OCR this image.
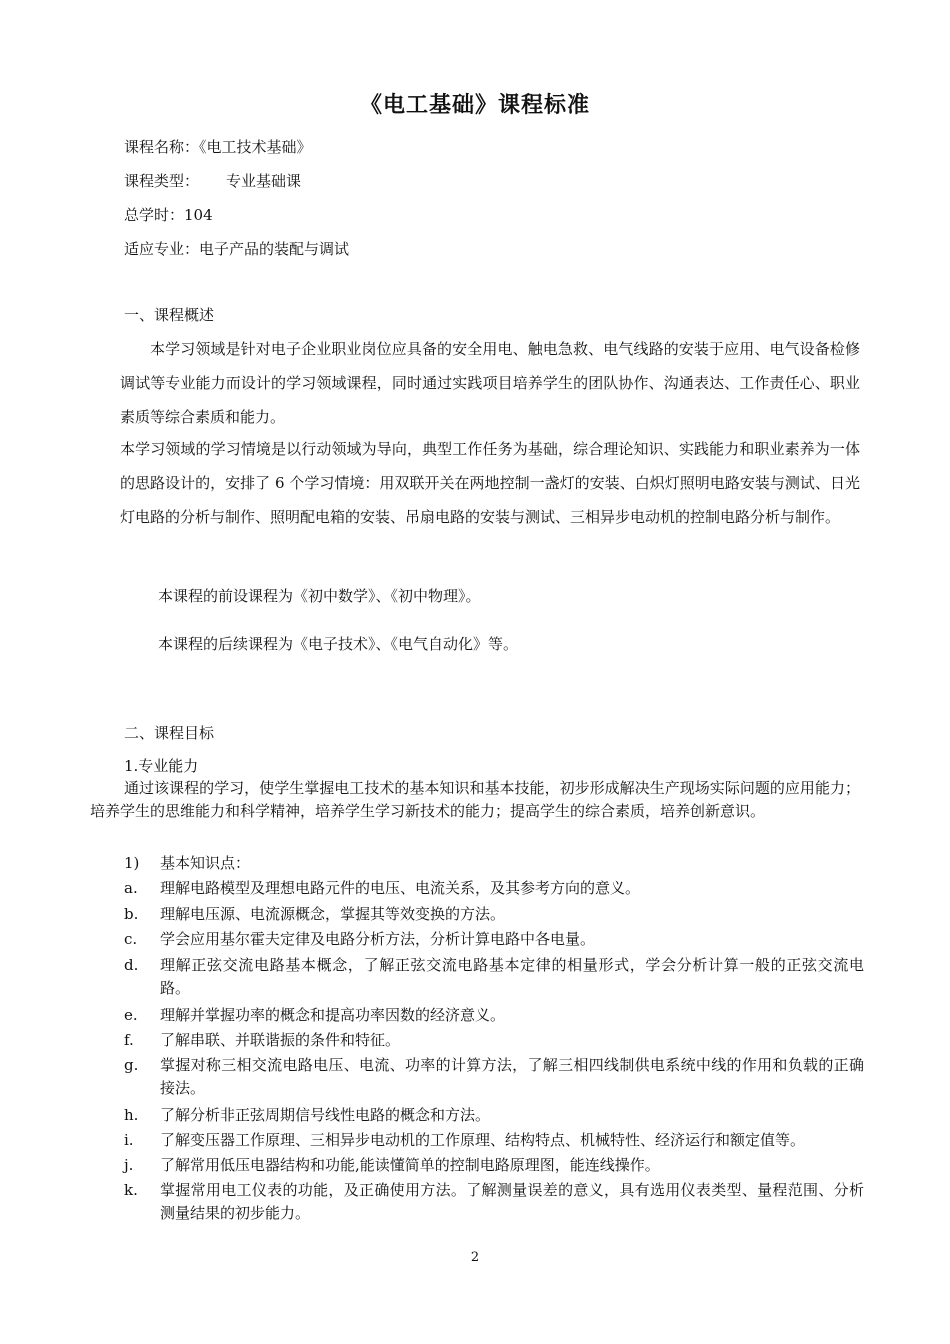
《电工基础》课程标准
课程名称：《电工技术基础》
课程类型： 专业基础课
总学时：104
适应专业：电子产品的装配与调试
一、课程概述
本学习领域是针对电子企业职业岗位应具备的安全用电、触电急救、电气线路的安装于应用、电气设备检修调试等专业能力而设计的学习领域课程，同时通过实践项目培养学生的团队协作、沟通表达、工作责任心、职业素质等综合素质和能力。
本学习领域的学习情境是以行动领域为导向，典型工作任务为基础，综合理论知识、实践能力和职业素养为一体的思路设计的，安排了 6 个学习情境：用双联开关在两地控制一盏灯的安装、白炽灯照明电路安装与测试、日光灯电路的分析与制作、照明配电箱的安装、吊扇电路的安装与测试、三相异步电动机的控制电路分析与制作。
本课程的前设课程为《初中数学》、《初中物理》。
本课程的后续课程为《电子技术》、《电气自动化》等。
二、课程目标
1.专业能力
通过该课程的学习，使学生掌握电工技术的基本知识和基本技能，初步形成解决生产现场实际问题的应用能力；培养学生的思维能力和科学精神，培养学生学习新技术的能力；提高学生的综合素质，培养创新意识。
1)	基本知识点：
a.	理解电路模型及理想电路元件的电压、电流关系，及其参考方向的意义。
b.	理解电压源、电流源概念，掌握其等效变换的方法。
c.	学会应用基尔霍夫定律及电路分析方法，分析计算电路中各电量。
d.	理解正弦交流电路基本概念，了解正弦交流电路基本定律的相量形式，学会分析计算一般的正弦交流电路。
e.	理解并掌握功率的概念和提高功率因数的经济意义。
f.	了解串联、并联谐振的条件和特征。
g.	掌握对称三相交流电路电压、电流、功率的计算方法，了解三相四线制供电系统中线的作用和负载的正确接法。
h.	了解分析非正弦周期信号线性电路的概念和方法。
i.	了解变压器工作原理、三相异步电动机的工作原理、结构特点、机械特性、经济运行和额定值等。
j.	了解常用低压电器结构和功能,能读懂简单的控制电路原理图，能连线操作。
k.	掌握常用电工仪表的功能，及正确使用方法。了解测量误差的意义，具有选用仪表类型、量程范围、分析测量结果的初步能力。
2
